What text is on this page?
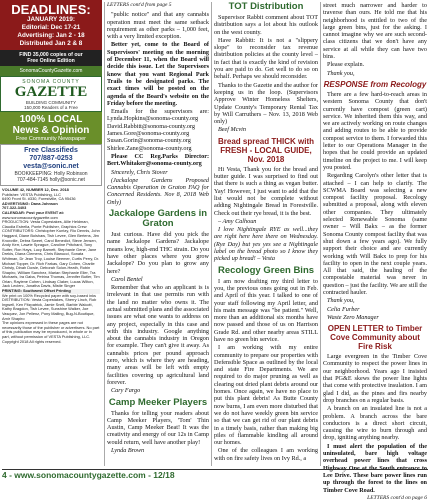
DEADLINES:
JANUARY 2019:
Editorial: Dec 17-21
Advertising: Jan 2 - 18
Distributed Jan 2 & 8
FIND 35,000 copies of our
Free Online Edition
SonomaCountyGazette.com
SONOMA COUNTY
GAZETTE
BUILDING COMMUNITY
150,000 Readers of a Free
100% LOCAL
News & Opinion
Free Community Newspaper
Free Classifieds
707/887-0253
vesta@sonic.net
BOOKKEEPING: Holly Robinson
707-484-7145 holly@sonic.net
VOLUME 42, NUMBER 12, Dec. 2018
Publisher: VESTA Publishing, LLC
6490 Front St. #330, Forestville, CA 95436
ADVERTISING: Dana Johnson
707-322-3403
CALENDAR: Post your EVENT at:
www.sonomacountygazette.com
PRODUCTION: Vesta Copestakes, Allie Heldman, Claudia Estrella, Ponte Publisher, Graphics Crew
CONTRIBUTORS: Christopher Kuntzy, Rio Dennis, John Haggard, Diane Bolshaw, Tish Levee, Glen Bertens, Jim Knoxville, Debra Sweet, Carol Benedict, Steve Jensen, Andy Kerr, Lawrie Sprague, Caroline Pritchard, Tony Sutter, Ron Hays, Lucy Barnett, Stephanie Gene, Jane Drekis, Diana Clemens, Chris Bianucci, Sonata Whitman, Dr Jean Troy, Louise Beemer, Curtis Perry, Dr. Michael Topper, Dr. Rich Farkas, Gary Cohen, Charlie Christy, Dinah Dowle, Deborah Solon-Heath, Robin Shapiro, William Sanchez, Marian Stephanie Eller, Tra Michaels, Ira Gaba, Petrina Thomas, Jennifer Butler, Tim Orlan, Raylene Cohen, Lindsay Claker, Lucas Wilton, Jack Leclerc, Jonatha Davis, Mistie Singer
PRINTING: Southwest Offset Printing
We print on 100% Recycled paper with soy-based inks
DISTRIBUTION: Vesta Copestakes, Sherry Linch, Rob Ingwell, Ken Fitzpatrick, Jamie Snell, Barbie Walcott, Kathy Bragdon, Tish Levee, Sunshine Walker, Joe Vasquez, Jon Pellenz, Pony Mailing, Bug-N-Boutique, Amir Shapiro
The opinions expressed in these pages are not necessarily those of the publisher or advertisers. No part of this publication may be reproduced, in whole or in part, without permission of VESTA Publishing, LLC. Copyright 2018 All rights reserved.
LETTERS cont'd from page 5

"public notice" and that any cannabis operation must meet the same setback requirement as other parks – 1,000 feet, with a very limited exception.

Better yet, come to the Board of Supervisors' meeting on the morning of December 11, when the Board will decide this issue. Let the Supervisors know that you want Regional Park Trails to be designated parks. The exact times will be posted on the agenda of the Board's website on the Friday before the meeting.

Emails for the supervisors are: Lynda.Hopkins@sonoma-county.org David.Rabbitt@sonoma-county.org James.Gore@sonoma-county.org Susan.Gorin@sonoma-county.org Shirlee.Zane@sonoma-county.org

Please CC Reg.Parks Director: Bert.Whitaker@sonoma-county.org

Sincerely, Chris Stover

(Jackalope Gardens Proposed Cannabis Operation in Graton FAQ for Concerned Residents. Nov 8, 2018 Web Only)

Jackalope Gardens in Graton

Just curious. Have did you pick the name Jackalope Gardens? Jackalope means low, high-end THC strain. Do you have other places where you grow Jackalope? Do you plan to grow any here?

Carol Bentel

Remember that who an applicant is is irrelevant in that use permits run with the land no matter who owns it. The actual submitted plans and the associated issues are what one wants to address on any project, especially in this case and with this industry. Google anything about the cannabis industry in Oregon for example. They can't give it away. As cannabis prices per pound approach zero, which is where they are heading, many areas will be left with empty facilities covering up agricultural land forever.

Cary Fargo

Camp Meeker Players

Thanks for telling your readers about Camp Meeker Players, 'Tom' Thin Austin, Camp Meeker Beat! It was the creativity and energy of our 12s in Camp would return, well have another play!

Lynda Brown

TOT Distribution

Supervisor Rabbit comment about TOT distribution says a lot about his outlook on the west county.

Have Rabbitt: It is not a "slippery slope" to reconsider tax revenue distribution policies at the county level – in fact that is exactly the kind of revision you are paid to do. Get well to do so on behalf. Perhaps we should reconsider.

Thanks to the Gazette and the author for keeping us in the loop. (Supervisors Approve Winter Homeless Shelters, Update County's Temporary Rental Tax by Will Carruthers – Nov. 13, 2018 Web only)

Beef Mcvin

Bread spread THICK with FRESH - LOCAL GUIDE, Nov. 2018

Hi Vesta, Thank you for the bread and butter guide. I was surprised to find out that there is such a thing as vegan butter. Yay! However, I just want to add that the list would not be complete without adding Nightingale Bread in Forestville. Check out their rye bread, it is the best.

– Amy Calhoun

I love Nightingale RYE as well...they are right here here there on Wednesday. (Rye Day) but yes yes see a Nightingale label on the bread photo so I know they picked up bread! – Vesta

Recology Green Bins

I am now drafting my third letter to you, the previous ones going out in Feb. and April of this year. I talked to one of your staff following my April letter, and his main message was "be patient." Well, more than an additional six months have now passed and those of us on Harrison Grade Rd. and other nearby areas STILL have no green bin service.

I am working with my entire community to prepare our properties with Defensible Space as outlined by the local and state Fire Departments. We are required to do major pruning as well as clearing out dried plant debris around our homes. Once again, we have no place to put this plant debris! As Butte County now burns, I am even more disturbed that we do not have weekly green bin service so that we can get rid of our plant debris in a timely basis, rather than making big piles of flammable kindling all around our homes.

One of the colleagues I am working with on fire safety lives on Ivy Rd., a

street much narrower and harder to traverse than ours. He told me that his neighborhood is entitled to two of the large green bins, just for the asking. I cannot imagine why we are such second-class citizens that we don't have any service at all while they can have two bins.

Please explain.

Thank you,

RESPONSE from Recology

There are a few hard-to-reach areas in western Sonoma County that don't currently have compost (green cart) service. We inherited them this way, and we are actively working on route changes and adding routes to be able to provide compost service to them. I forwarded this letter to our Operations Manager in the hopes that he could provide an updated timeline on the project to me. I will keep you posted.

Regarding Carolyn's other letter that is attached – I can help to clarify. The SCWMA Board was selecting a new compost facility proposal. Recology submitted a proposal, along with eleven other companies. They ultimately selected Renewable Sonoma (same owner – Will Bakx – as the former Sonoma County compost facility that was shut down a few years ago). We fully support their choice and are currently working with Will Bakx to prep for his facility to open in the next couple years. All that said, the hauling of the compostable material was never in question – just the facility. We are still the contracted hauler.

Thank you,

Celia Furber

Waste Zero Manager

OPEN LETTER to Timber Cove Community about Fire Risk

Large evergreen in the Timber Cove Community to respect the power lines in our neighborhood. Years ago I insisted that PG&E skews the power line lights that come with protective insulation. I am glad I did, as the pines and firs nearby drop branches on a regular basis.

A branch on an insulated line is not a problem. A branch across the bare conductors is a direct short circuit, causing the wire to burn through and drop, igniting anything nearby.

I must alert the population of the uninsulated, bare high voltage overhead power lines that cross Highway One at the South entrance to Lee Drive. These bare power lines run up through the forest to the lines on Timber Cove Road.

LETTERS cont'd on page 6
4 - www.sonomacountygazette.com - 12/18
